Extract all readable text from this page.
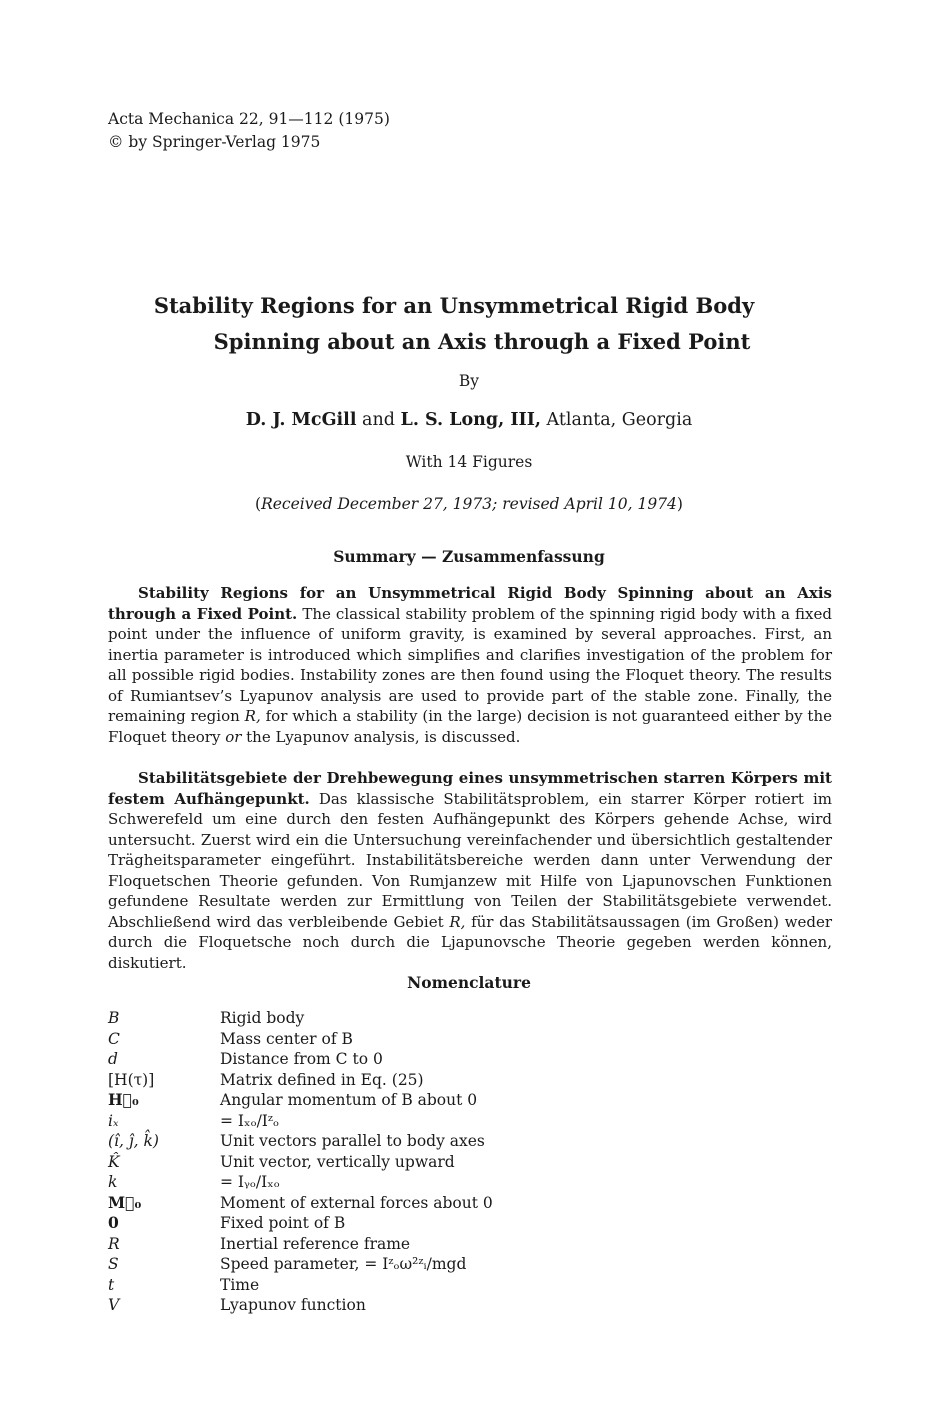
Acta Mechanica 22, 91—112 (1975)
© by Springer-Verlag 1975
Stability Regions for an Unsymmetrical Rigid Body
Spinning about an Axis through a Fixed Point
By
D. J. McGill and L. S. Long, III, Atlanta, Georgia
With 14 Figures
(Received December 27, 1973; revised April 10, 1974)
Summary — Zusammenfassung
Stability Regions for an Unsymmetrical Rigid Body Spinning about an Axis through a Fixed Point. The classical stability problem of the spinning rigid body with a fixed point under the influence of uniform gravity, is examined by several approaches. First, an inertia parameter is introduced which simplifies and clarifies investigation of the problem for all possible rigid bodies. Instability zones are then found using the Floquet theory. The results of Rumiantsev’s Lyapunov analysis are used to provide part of the stable zone. Finally, the remaining region R, for which a stability (in the large) decision is not guaranteed either by the Floquet theory or the Lyapunov analysis, is discussed.
Stabilitätsgebiete der Drehbewegung eines unsymmetrischen starren Körpers mit festem Aufhängepunkt. Das klassische Stabilitätsproblem, ein starrer Körper rotiert im Schwerefeld um eine durch den festen Aufhängepunkt des Körpers gehende Achse, wird untersucht. Zuerst wird ein die Untersuchung vereinfachender und übersichtlich gestaltender Trägheitsparameter eingeführt. Instabilitätsbereiche werden dann unter Verwendung der Floquetschen Theorie gefunden. Von Rumjanzew mit Hilfe von Ljapunovschen Funktionen gefundene Resultate werden zur Ermittlung von Teilen der Stabilitätsgebiete verwendet. Abschließend wird das verbleibende Gebiet R, für das Stabilitätsaussagen (im Großen) weder durch die Floquetsche noch durch die Ljapunovsche Theorie gegeben werden können, diskutiert.
Nomenclature
B	Rigid body
C	Mass center of B
d	Distance from C to 0
[H(τ)]	Matrix defined in Eq. (25)
H⃗₀	Angular momentum of B about 0
iₓ	= Iₓₒ/Iᶻₒ
(î, ĵ, k̂)	Unit vectors parallel to body axes
K̂	Unit vector, vertically upward
k	= Iᵧₒ/Iₓₒ
M⃗₀	Moment of external forces about 0
0	Fixed point of B
R	Inertial reference frame
S	Speed parameter, = Iᶻₒω²ᶻᵢ/mgd
t	Time
V	Lyapunov function
